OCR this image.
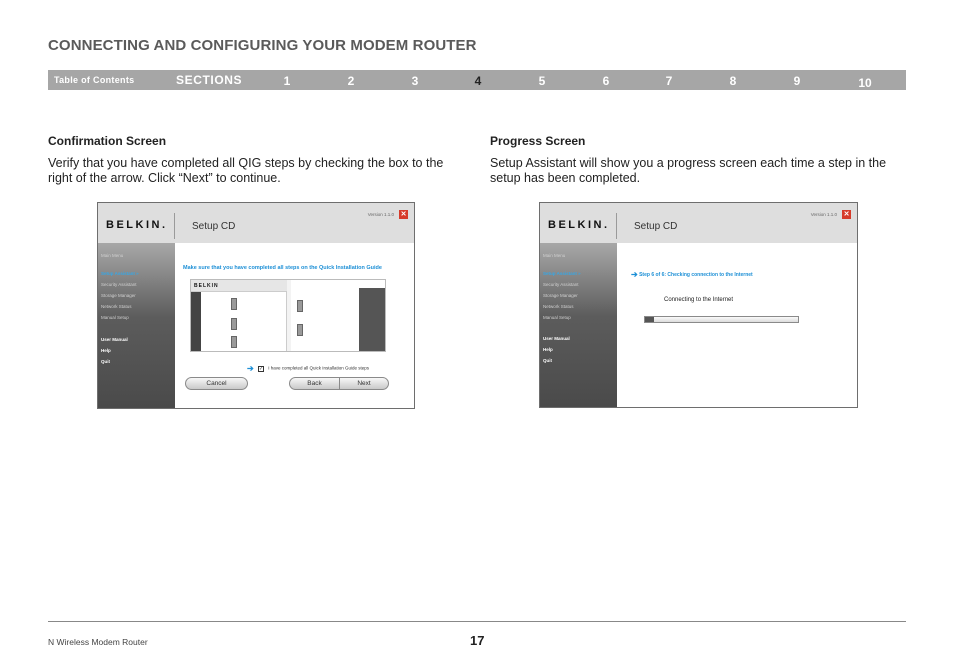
CONNECTING AND CONFIGURING YOUR MODEM ROUTER
Table of Contents	SECTIONS	1	2	3	4	5	6	7	8	9	10
Confirmation Screen
Verify that you have completed all QIG steps by checking the box to the right of the arrow. Click “Next” to continue.
Progress Screen
Setup Assistant will show you a progress screen each time a step in the setup has been completed.
BELKIN. Setup CD
Version 1.1.0 ✕
Main Menu
Setup Assistant »
Security Assistant
Storage Manager
Network Status
Manual Setup
User Manual
Help
Quit
Make sure that you have completed all steps on the Quick Installation Guide
BELKIN
➔ ✓ I have completed all Quick Installation Guide steps
Cancel	Back	Next
BELKIN. Setup CD
Version 1.1.0 ✕
Main Menu
Setup Assistant »
Security Assistant
Storage Manager
Network Status
Manual Setup
User Manual
Help
Quit
➔ Step 6 of 6: Checking connection to the Internet
Connecting to the Internet
N Wireless Modem Router	17
